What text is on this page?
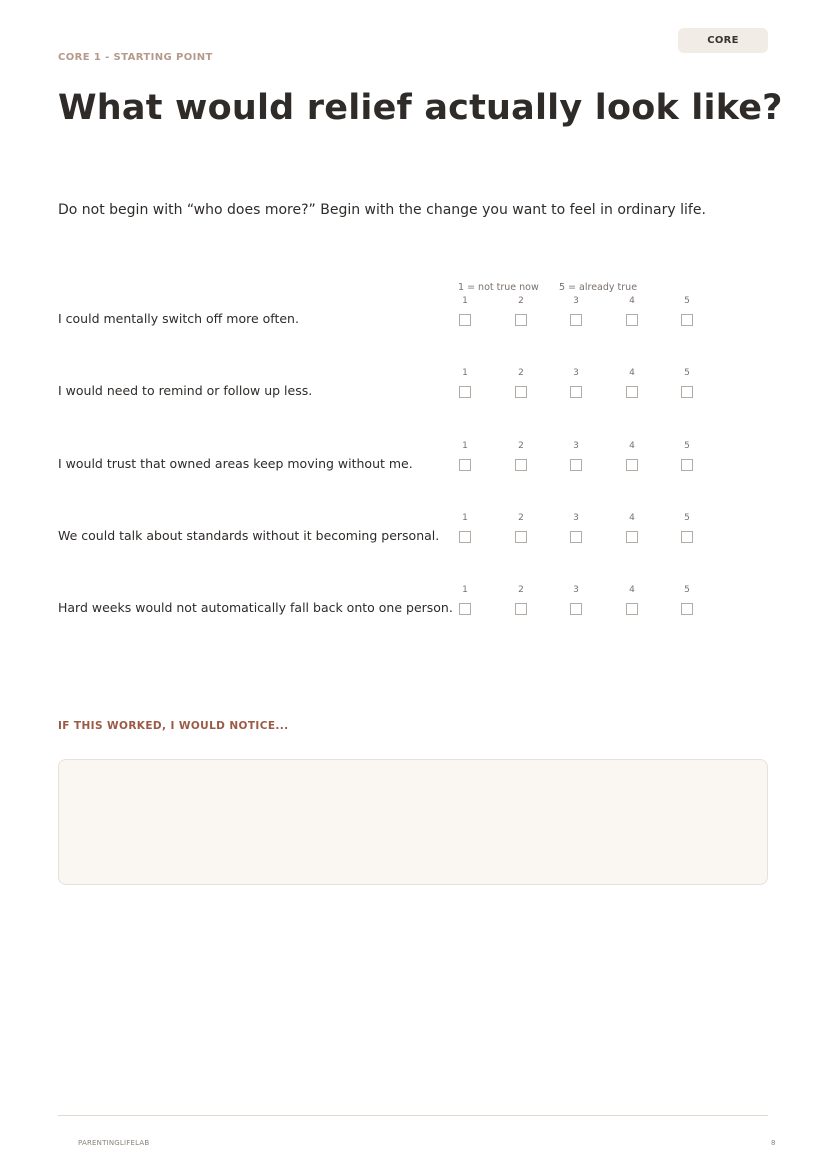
CORE
CORE 1 - STARTING POINT
What would relief actually look like?

Do not begin with “who does more?” Begin with the change you want to feel in ordinary life.

1 = not true now 5 = already true
I could mentally switch off more often.
1	2	3	4	5
I would need to remind or follow up less.
1	2	3	4	5
I would trust that owned areas keep moving without me.
1	2	3	4	5
We could talk about standards without it becoming personal.
1	2	3	4	5
Hard weeks would not automatically fall back onto one person.
1	2	3	4	5
IF THIS WORKED, I WOULD NOTICE...
PARENTINGLIFELAB	8
